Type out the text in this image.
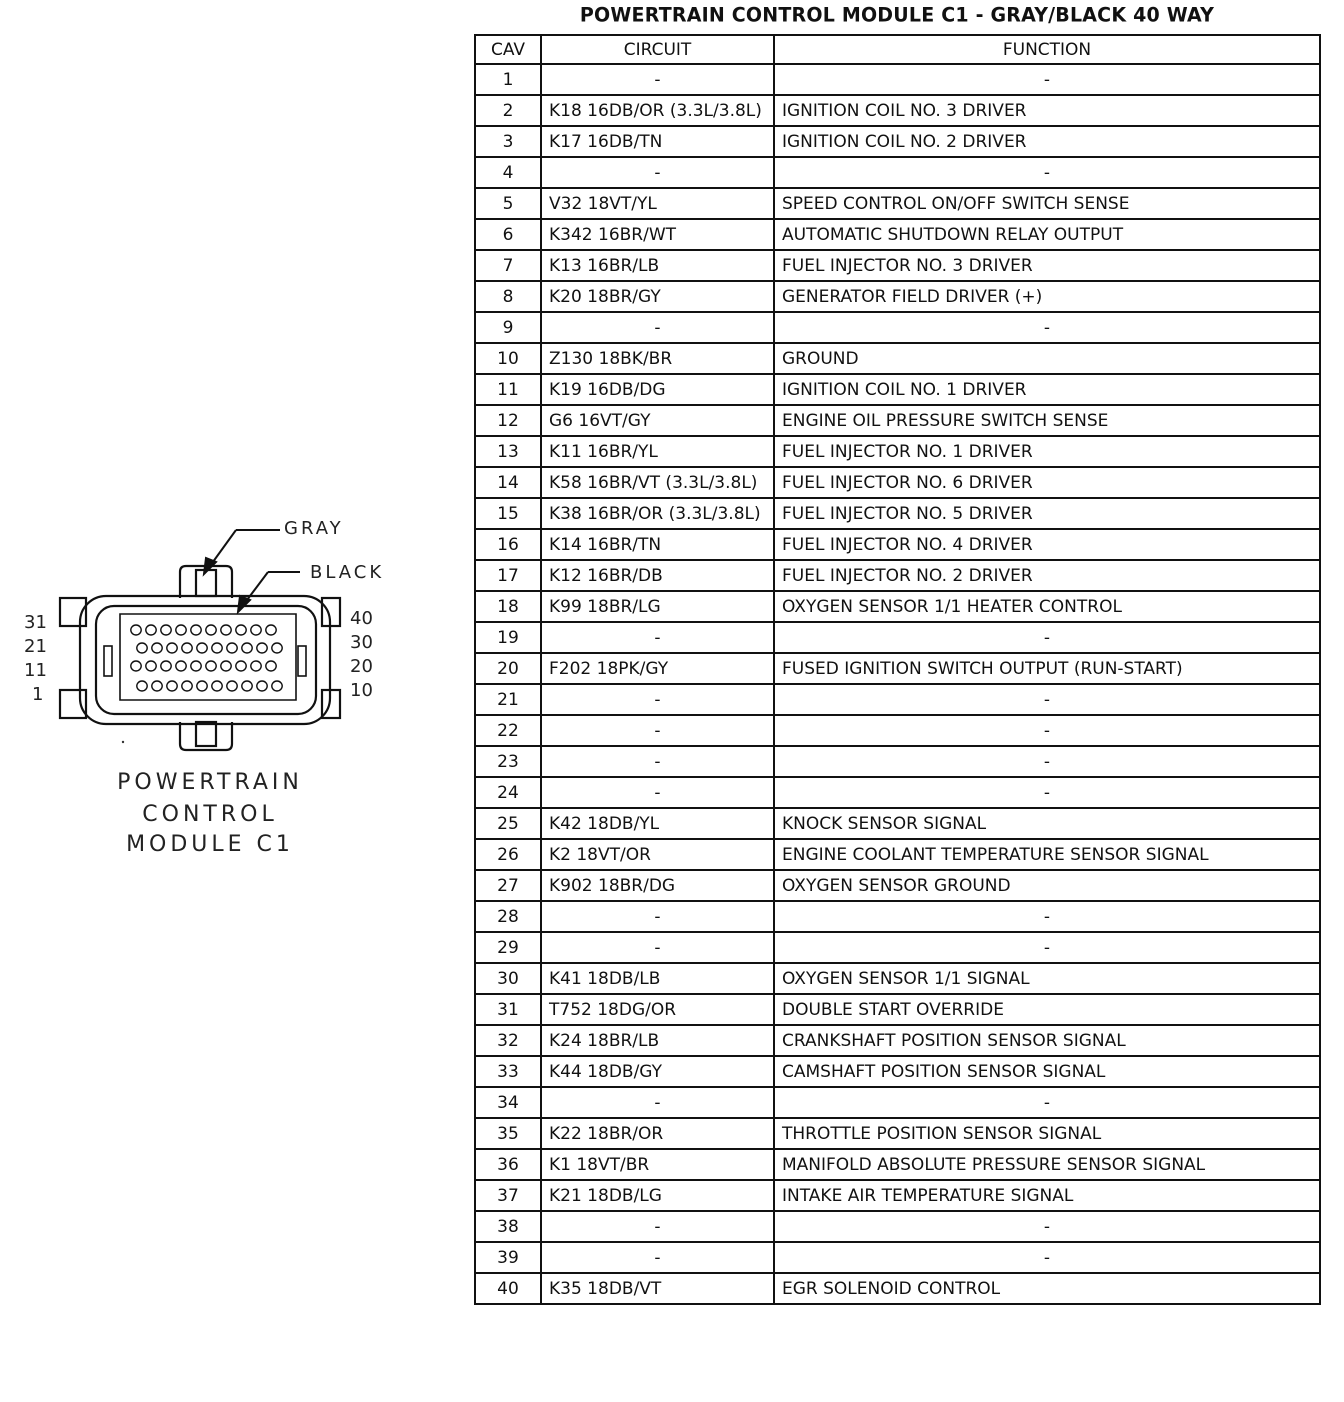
GRAY
BLACK
31
21
11
1
40
30
20
10
POWERTRAIN
CONTROL
MODULE C1
POWERTRAIN CONTROL MODULE C1 - GRAY/BLACK 40 WAY
CAV	CIRCUIT	FUNCTION
1	-	-
2	K18 16DB/OR (3.3L/3.8L)	IGNITION COIL NO. 3 DRIVER
3	K17 16DB/TN	IGNITION COIL NO. 2 DRIVER
4	-	-
5	V32 18VT/YL	SPEED CONTROL ON/OFF SWITCH SENSE
6	K342 16BR/WT	AUTOMATIC SHUTDOWN RELAY OUTPUT
7	K13 16BR/LB	FUEL INJECTOR NO. 3 DRIVER
8	K20 18BR/GY	GENERATOR FIELD DRIVER (+)
9	-	-
10	Z130 18BK/BR	GROUND
11	K19 16DB/DG	IGNITION COIL NO. 1 DRIVER
12	G6 16VT/GY	ENGINE OIL PRESSURE SWITCH SENSE
13	K11 16BR/YL	FUEL INJECTOR NO. 1 DRIVER
14	K58 16BR/VT (3.3L/3.8L)	FUEL INJECTOR NO. 6 DRIVER
15	K38 16BR/OR (3.3L/3.8L)	FUEL INJECTOR NO. 5 DRIVER
16	K14 16BR/TN	FUEL INJECTOR NO. 4 DRIVER
17	K12 16BR/DB	FUEL INJECTOR NO. 2 DRIVER
18	K99 18BR/LG	OXYGEN SENSOR 1/1 HEATER CONTROL
19	-	-
20	F202 18PK/GY	FUSED IGNITION SWITCH OUTPUT (RUN-START)
21	-	-
22	-	-
23	-	-
24	-	-
25	K42 18DB/YL	KNOCK SENSOR SIGNAL
26	K2 18VT/OR	ENGINE COOLANT TEMPERATURE SENSOR SIGNAL
27	K902 18BR/DG	OXYGEN SENSOR GROUND
28	-	-
29	-	-
30	K41 18DB/LB	OXYGEN SENSOR 1/1 SIGNAL
31	T752 18DG/OR	DOUBLE START OVERRIDE
32	K24 18BR/LB	CRANKSHAFT POSITION SENSOR SIGNAL
33	K44 18DB/GY	CAMSHAFT POSITION SENSOR SIGNAL
34	-	-
35	K22 18BR/OR	THROTTLE POSITION SENSOR SIGNAL
36	K1 18VT/BR	MANIFOLD ABSOLUTE PRESSURE SENSOR SIGNAL
37	K21 18DB/LG	INTAKE AIR TEMPERATURE SIGNAL
38	-	-
39	-	-
40	K35 18DB/VT	EGR SOLENOID CONTROL
